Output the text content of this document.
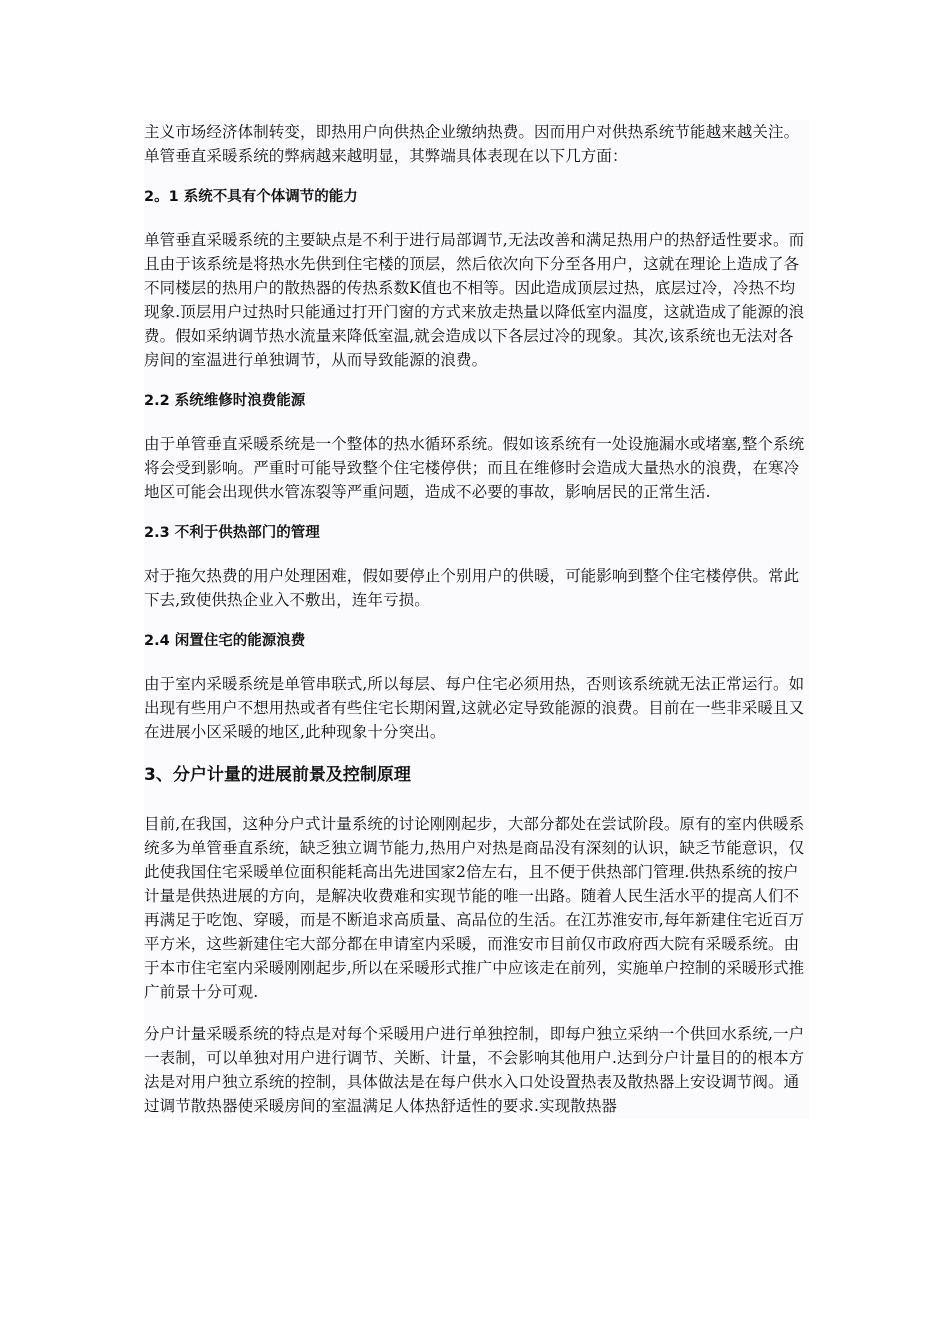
主义市场经济体制转变，即热用户向供热企业缴纳热费。因而用户对供热系统节能越来越关注。单管垂直采暖系统的弊病越来越明显，其弊端具体表现在以下几方面：

2。1 系统不具有个体调节的能力

单管垂直采暖系统的主要缺点是不利于进行局部调节,无法改善和满足热用户的热舒适性要求。而且由于该系统是将热水先供到住宅楼的顶层，然后依次向下分至各用户，这就在理论上造成了各不同楼层的热用户的散热器的传热系数K值也不相等。因此造成顶层过热，底层过冷，冷热不均现象.顶层用户过热时只能通过打开门窗的方式来放走热量以降低室内温度，这就造成了能源的浪费。假如采纳调节热水流量来降低室温,就会造成以下各层过冷的现象。其次,该系统也无法对各房间的室温进行单独调节，从而导致能源的浪费。

2.2 系统维修时浪费能源

由于单管垂直采暖系统是一个整体的热水循环系统。假如该系统有一处设施漏水或堵塞,整个系统将会受到影响。严重时可能导致整个住宅楼停供；而且在维修时会造成大量热水的浪费，在寒冷地区可能会出现供水管冻裂等严重问题，造成不必要的事故，影响居民的正常生活.

2.3 不利于供热部门的管理

对于拖欠热费的用户处理困难，假如要停止个别用户的供暖，可能影响到整个住宅楼停供。常此下去,致使供热企业入不敷出，连年亏损。

2.4 闲置住宅的能源浪费

由于室内采暖系统是单管串联式,所以每层、每户住宅必须用热，否则该系统就无法正常运行。如出现有些用户不想用热或者有些住宅长期闲置,这就必定导致能源的浪费。目前在一些非采暖且又在进展小区采暖的地区,此种现象十分突出。

3、分户计量的进展前景及控制原理

目前,在我国，这种分户式计量系统的讨论刚刚起步，大部分都处在尝试阶段。原有的室内供暖系统多为单管垂直系统，缺乏独立调节能力,热用户对热是商品没有深刻的认识，缺乏节能意识，仅此使我国住宅采暖单位面积能耗高出先进国家2倍左右，且不便于供热部门管理.供热系统的按户计量是供热进展的方向，是解决收费难和实现节能的唯一出路。随着人民生活水平的提高人们不再满足于吃饱、穿暖，而是不断追求高质量、高品位的生活。在江苏淮安市,每年新建住宅近百万平方米，这些新建住宅大部分都在申请室内采暖，而淮安市目前仅市政府西大院有采暖系统。由于本市住宅室内采暖刚刚起步,所以在采暖形式推广中应该走在前列，实施单户控制的采暖形式推广前景十分可观.

分户计量采暖系统的特点是对每个采暖用户进行单独控制，即每户独立采纳一个供回水系统,一户一表制，可以单独对用户进行调节、关断、计量，不会影响其他用户.达到分户计量目的的根本方法是对用户独立系统的控制，具体做法是在每户供水入口处设置热表及散热器上安设调节阀。通过调节散热器使采暖房间的室温满足人体热舒适性的要求.实现散热器
